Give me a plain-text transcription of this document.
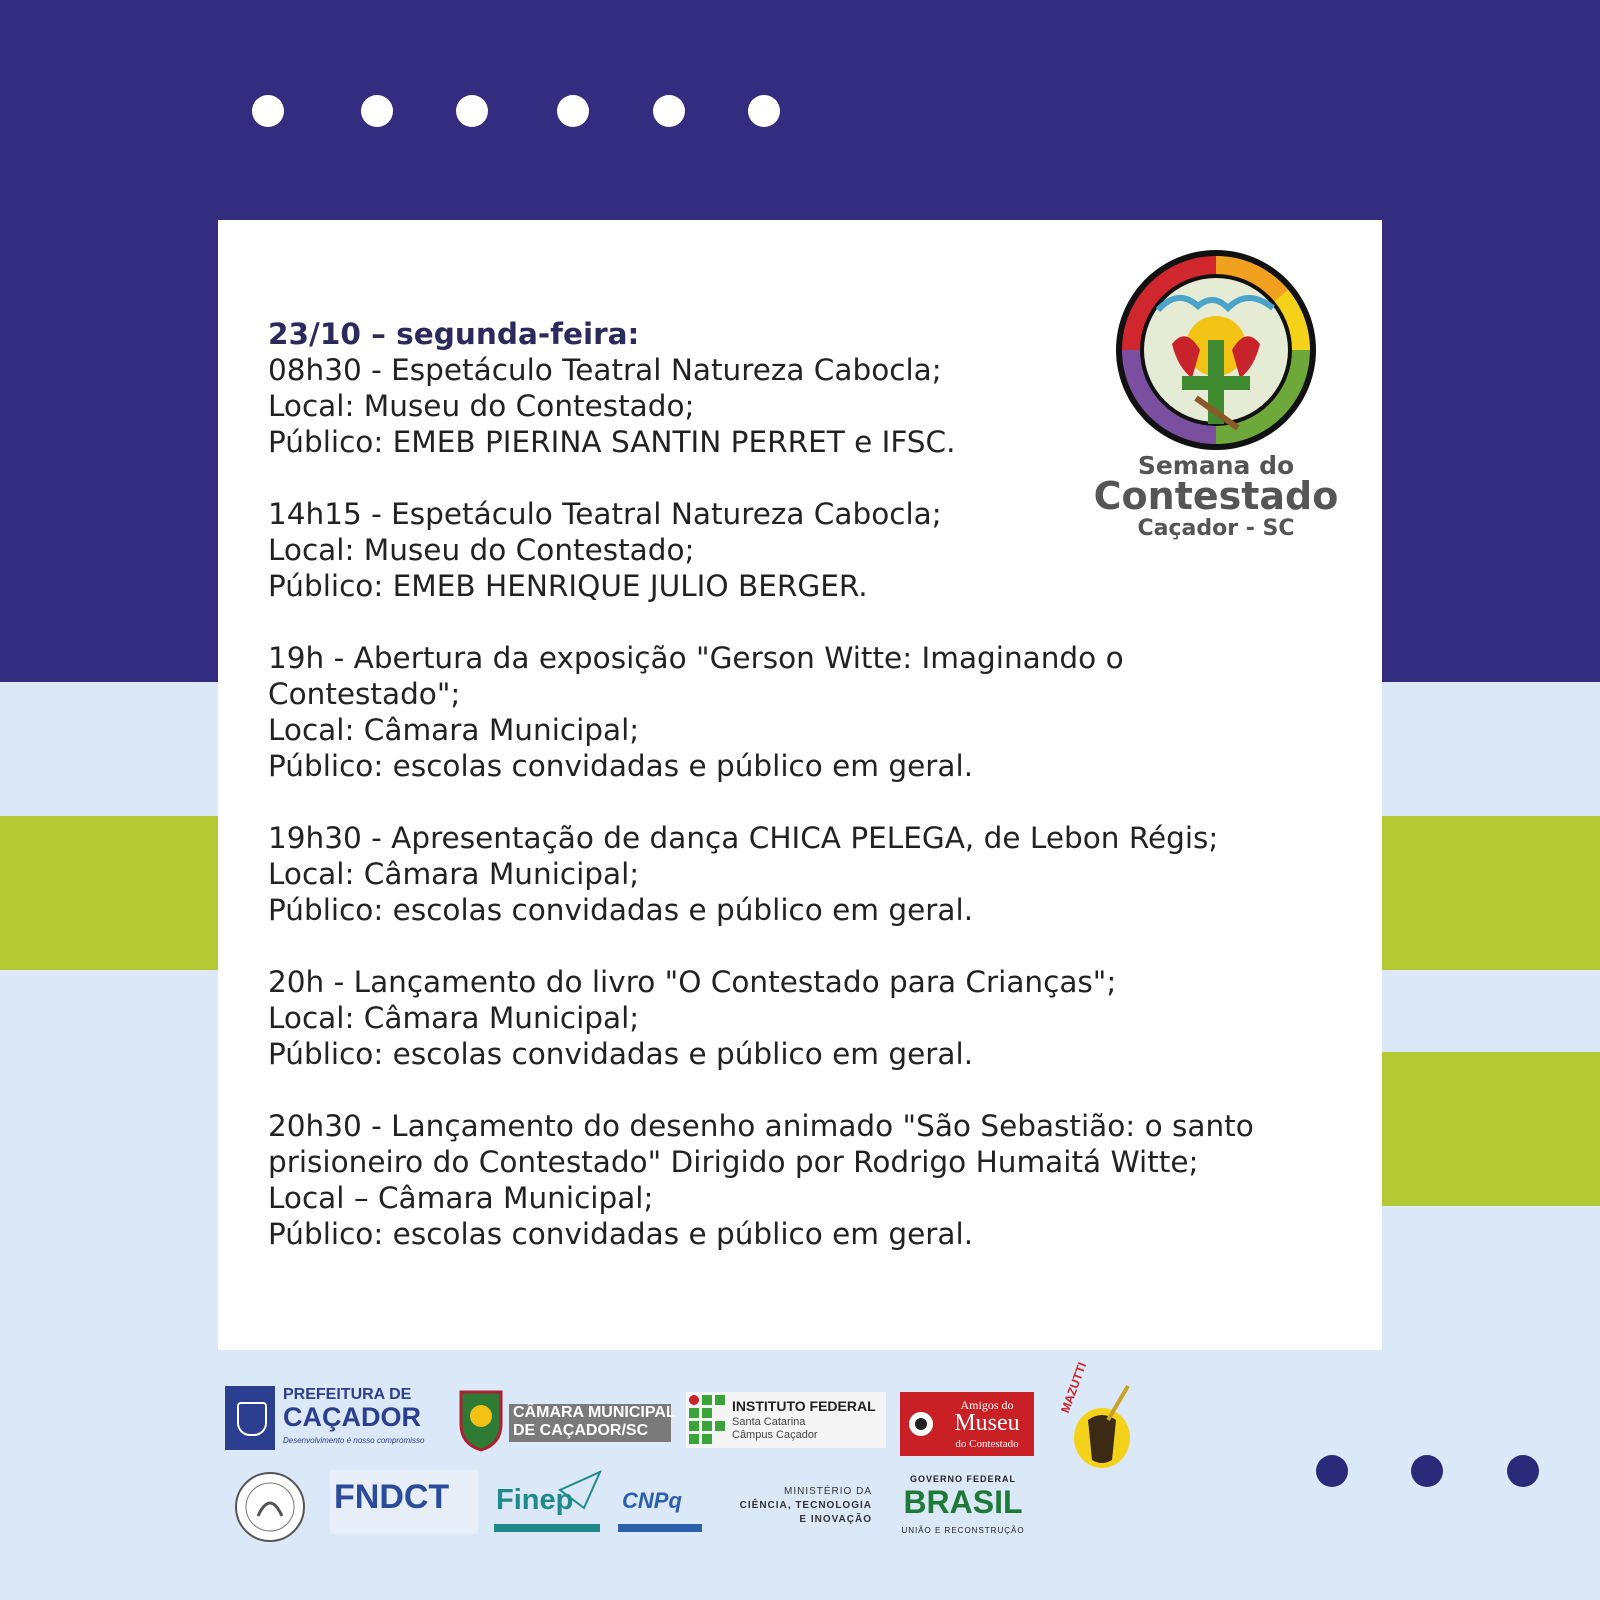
23/10 – segunda-feira:
08h30 - Espetáculo Teatral Natureza Cabocla;
Local: Museu do Contestado;
Público: EMEB PIERINA SANTIN PERRET e IFSC.
14h15 - Espetáculo Teatral Natureza Cabocla;
Local: Museu do Contestado;
Público: EMEB HENRIQUE JULIO BERGER.
19h - Abertura da exposição "Gerson Witte: Imaginando o Contestado";
Local: Câmara Municipal;
Público: escolas convidadas e público em geral.
19h30 - Apresentação de dança CHICA PELEGA, de Lebon Régis;
Local: Câmara Municipal;
Público: escolas convidadas e público em geral.
20h - Lançamento do livro "O Contestado para Crianças";
Local: Câmara Municipal;
Público: escolas convidadas e público em geral.
20h30 - Lançamento do desenho animado "São Sebastião: o santo prisioneiro do Contestado" Dirigido por Rodrigo Humaitá Witte;
Local – Câmara Municipal;
Público: escolas convidadas e público em geral.
Semana do
Contestado
Caçador - SC
PREFEITURA DE
CAÇADOR
Desenvolvimento é nosso compromisso
CÂMARA MUNICIPAL
DE CAÇADOR/SC
INSTITUTO FEDERAL
Santa Catarina
Câmpus Caçador
Amigos do
Museu
do Contestado
MAZUTTI
FNDCT Finep CNPq	MINISTÉRIO DA
CIÊNCIA, TECNOLOGIA
E INOVAÇÃO
GOVERNO FEDERAL
BRASIL
UNIÃO E RECONSTRUÇÃO
